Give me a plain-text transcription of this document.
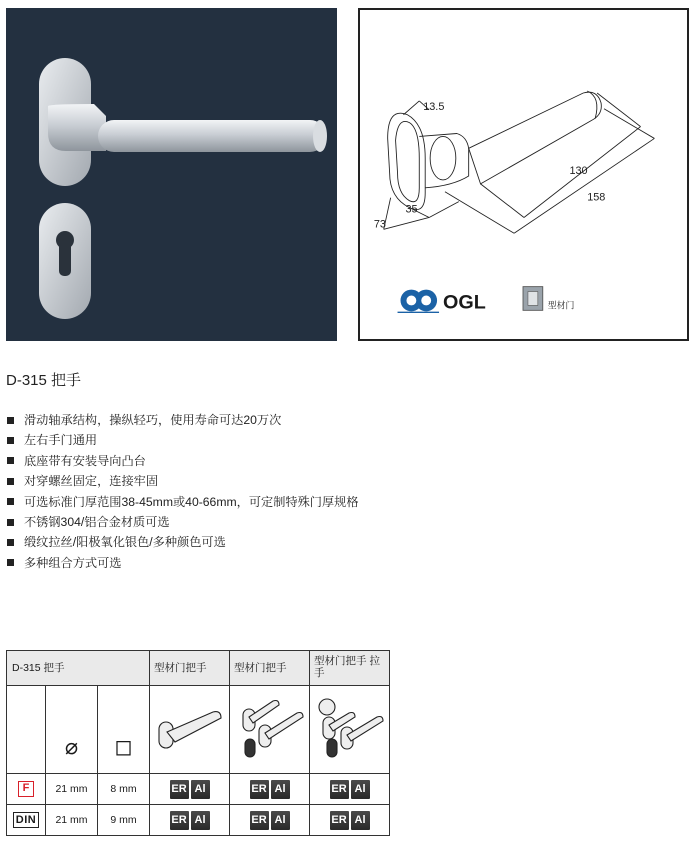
13.5
130
158
35
73
OGL	型材门
D-315 把手
滑动轴承结构，操纵轻巧，使用寿命可达20万次
左右手门通用
底座带有安装导向凸台
对穿螺丝固定，连接牢固
可选标准门厚范围38-45mm或40-66mm，可定制特殊门厚规格
不锈钢304/铝合金材质可选
缎纹拉丝/阳极氧化银色/多种颜色可选
多种组合方式可选
D-315 把手			型材门把手	型材门把手	型材门把手 拉手

	⌀	◻

F	21 mm	8 mm	ER Al	ER Al	ER Al

DIN	21 mm	9 mm	ER Al	ER Al	ER Al
